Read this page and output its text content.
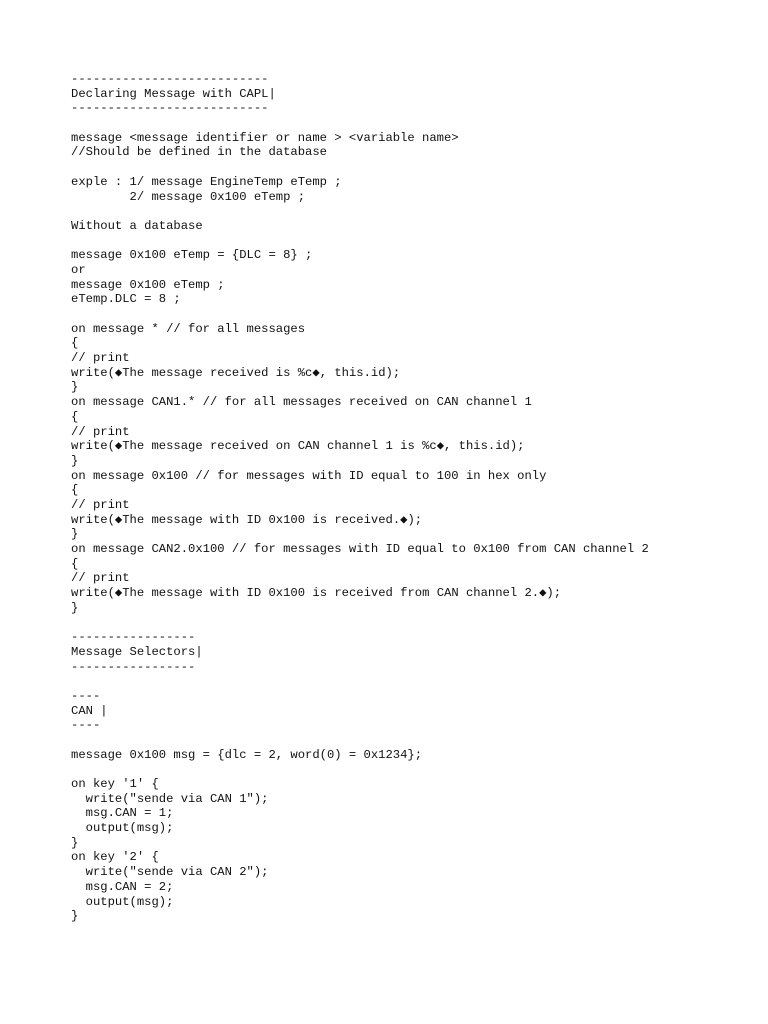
---------------------------
Declaring Message with CAPL|
---------------------------
message <message identifier or name > <variable name>
//Should be defined in the database
exple : 1/ message EngineTemp eTemp ;
2/ message 0x100 eTemp ;
Without a database
message 0x100 eTemp = {DLC = 8} ;
or
message 0x100 eTemp ;
eTemp.DLC = 8 ;
on message * // for all messages
{
// print
write(◆The message received is %c◆, this.id);
}
on message CAN1.* // for all messages received on CAN channel 1
{
// print
write(◆The message received on CAN channel 1 is %c◆, this.id);
}
on message 0x100 // for messages with ID equal to 100 in hex only
{
// print
write(◆The message with ID 0x100 is received.◆);
}
on message CAN2.0x100 // for messages with ID equal to 0x100 from CAN channel 2
{
// print
write(◆The message with ID 0x100 is received from CAN channel 2.◆);
}
-----------------
Message Selectors|
-----------------
----
CAN |
----
message 0x100 msg = {dlc = 2, word(0) = 0x1234};
on key '1' {
write("sende via CAN 1");
msg.CAN = 1;
output(msg);
}
on key '2' {
write("sende via CAN 2");
msg.CAN = 2;
output(msg);
}
